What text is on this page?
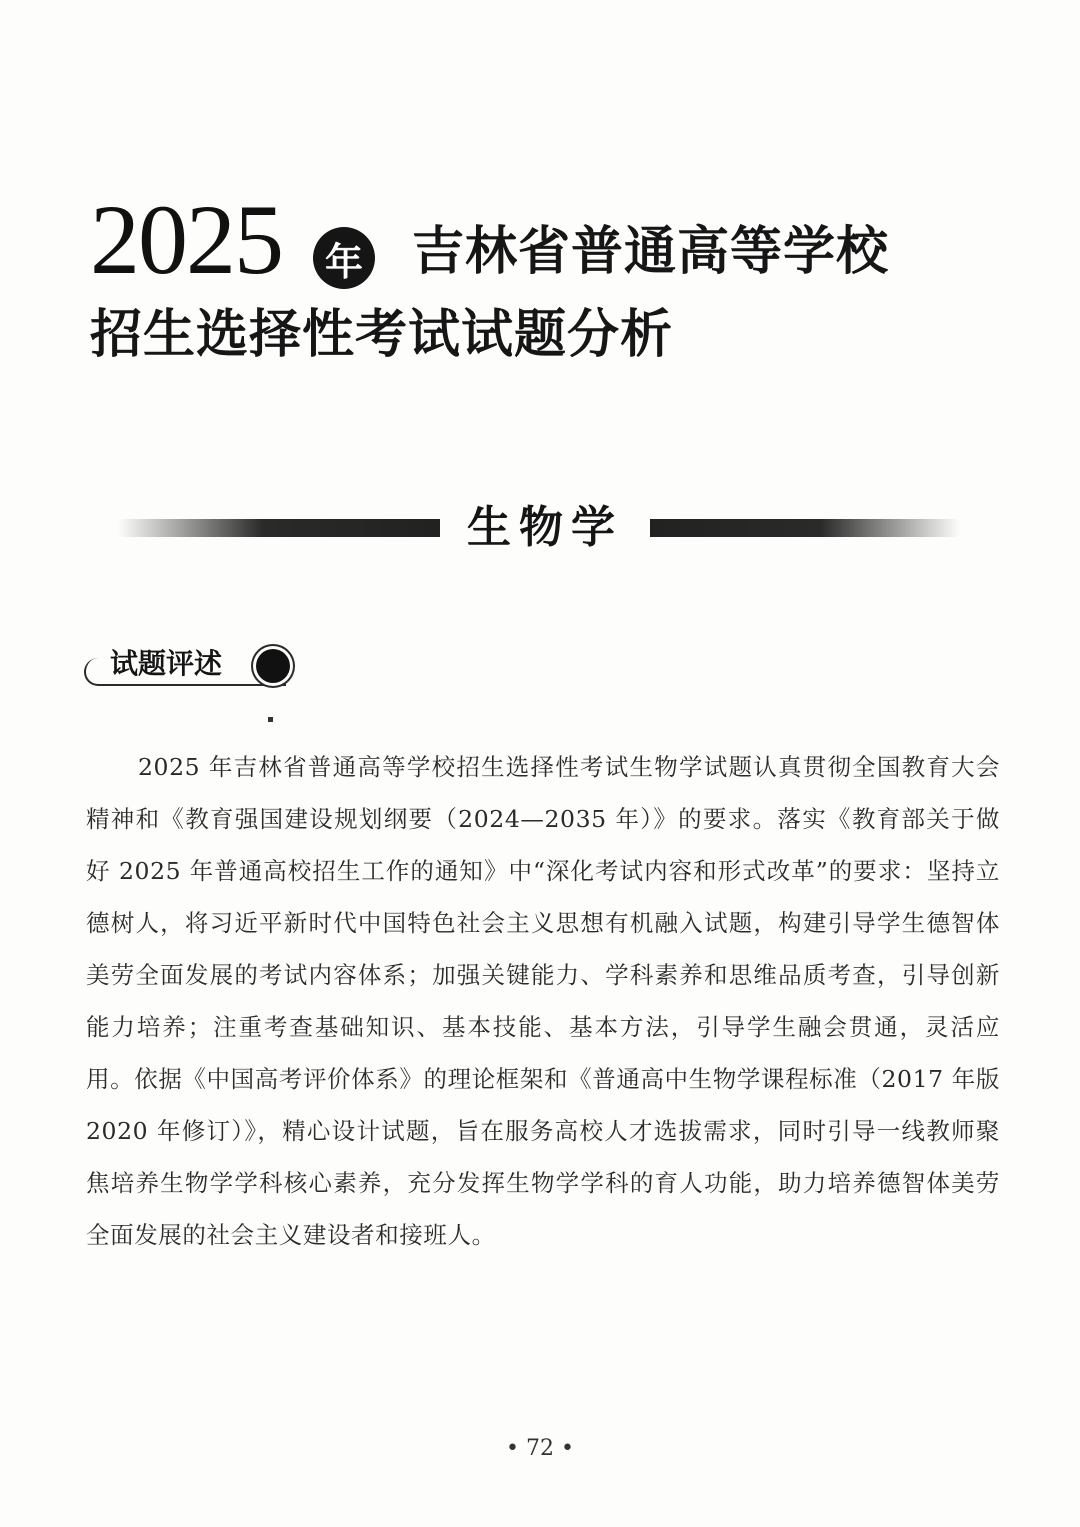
2025	年 吉林省普通高等学校
招生选择性考试试题分析
生物学
试题评述

2025 年吉林省普通高等学校招生选择性考试生物学试题认真贯彻全国教育大会精神和《教育强国建设规划纲要（2024—2035 年）》的要求。落实《教育部关于做好 2025 年普通高校招生工作的通知》中“深化考试内容和形式改革”的要求：坚持立德树人，将习近平新时代中国特色社会主义思想有机融入试题，构建引导学生德智体美劳全面发展的考试内容体系；加强关键能力、学科素养和思维品质考查，引导创新能力培养；注重考查基础知识、基本技能、基本方法，引导学生融会贯通，灵活应用。依据《中国高考评价体系》的理论框架和《普通高中生物学课程标准（2017 年版 2020 年修订）》，精心设计试题，旨在服务高校人才选拔需求，同时引导一线教师聚焦培养生物学学科核心素养，充分发挥生物学学科的育人功能，助力培养德智体美劳全面发展的社会主义建设者和接班人。

• 72 •
